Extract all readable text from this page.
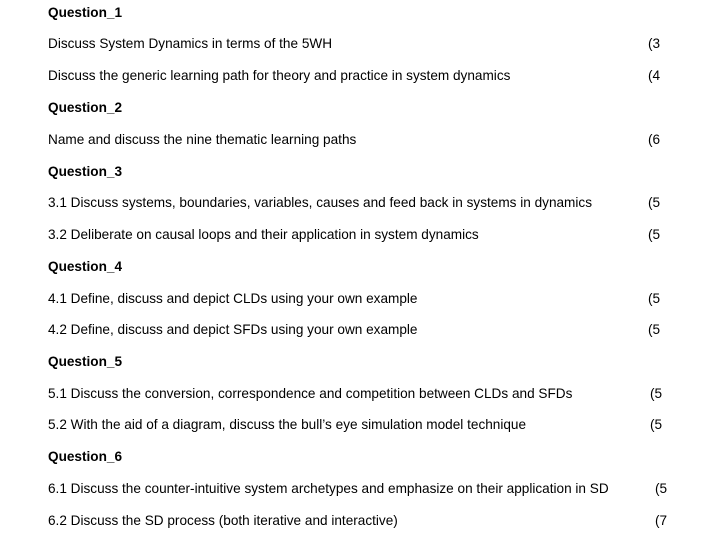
Question_1
Discuss System Dynamics in terms of the 5WH	(3
Discuss the generic learning path for theory and practice in system dynamics	(4
Question_2
Name and discuss the nine thematic learning paths	(6
Question_3
3.1 Discuss systems, boundaries, variables, causes and feed back in systems in dynamics	(5
3.2 Deliberate on causal loops and their application in system dynamics	(5
Question_4
4.1 Define, discuss and depict CLDs using your own example	(5
4.2 Define, discuss and depict SFDs using your own example	(5
Question_5
5.1 Discuss the conversion, correspondence and competition between CLDs and SFDs	(5
5.2 With the aid of a diagram, discuss the bull’s eye simulation model technique	(5
Question_6
6.1 Discuss the counter-intuitive system archetypes and emphasize on their application in SD	(5
6.2 Discuss the SD process (both iterative and interactive)	(7
